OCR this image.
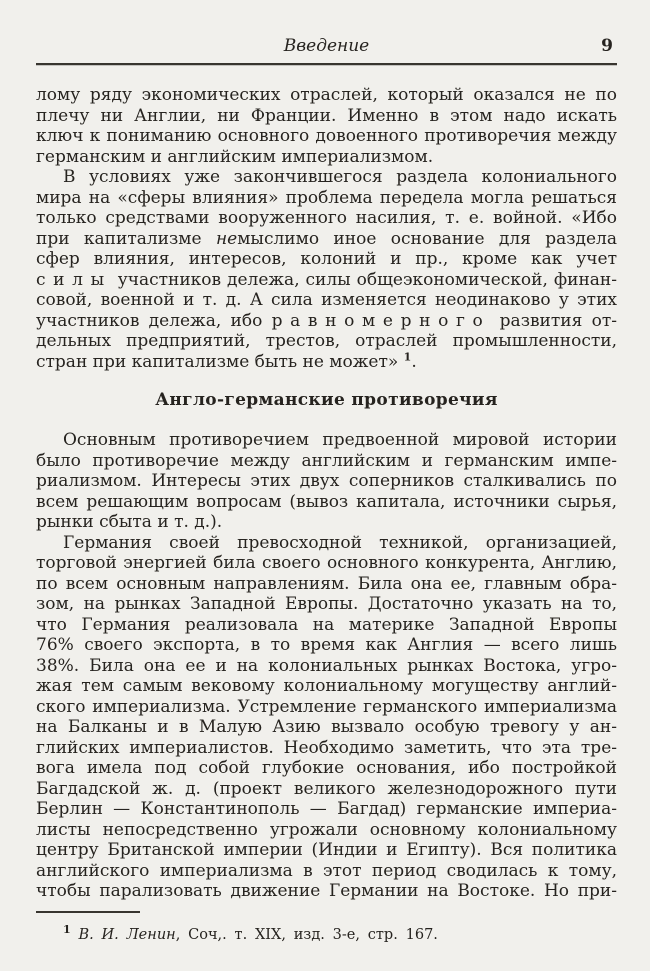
Введение	9
лому ряду экономических отраслей, который оказался не по
плечу ни Англии, ни Франции. Именно в этом надо искать
ключ к пониманию основного довоенного противоречия между
германским и английским империализмом.
В условиях уже закончившегося раздела колониального
мира на «сферы влияния» проблема передела могла решаться
только средствами вооруженного насилия, т. е. войной. «Ибо
при капитализме немыслимо иное основание для раздела
сфер влияния, интересов, колоний и пр., кроме как учет
силы участников дележа, силы общеэкономической, финан-
совой, военной и т. д. А сила изменяется неодинаково у этих
участников дележа, ибо равномерного развития от-
дельных предприятий, трестов, отраслей промышленности,
стран при капитализме быть не может» $^1$.
Англо-германские противоречия
Основным противоречием предвоенной мировой истории
было противоречие между английским и германским импе-
риализмом. Интересы этих двух соперников сталкивались по
всем решающим вопросам (вывоз капитала, источники сырья,
рынки сбыта и т. д.).
Германия своей превосходной техникой, организацией,
торговой энергией била своего основного конкурента, Англию,
по всем основным направлениям. Била она ее, главным обра-
зом, на рынках Западной Европы. Достаточно указать на то,
что Германия реализовала на материке Западной Европы
76% своего экспорта, в то время как Англия — всего лишь
38%. Била она ее и на колониальных рынках Востока, угро-
жая тем самым вековому колониальному могуществу англий-
ского империализма. Устремление германского империализма
на Балканы и в Малую Азию вызвало особую тревогу у ан-
глийских империалистов. Необходимо заметить, что эта тре-
вога имела под собой глубокие основания, ибо постройкой
Багдадской ж. д. (проект великого железнодорожного пути
Берлин — Константинополь — Багдад) германские империа-
листы непосредственно угрожали основному колониальному
центру Британской империи (Индии и Египту). Вся политика
английского империализма в этот период сводилась к тому,
чтобы парализовать движение Германии на Востоке. Но при-
$^1$ В. И. Ленин, Соч,. т. XIX, изд. 3-е, стр. 167.
